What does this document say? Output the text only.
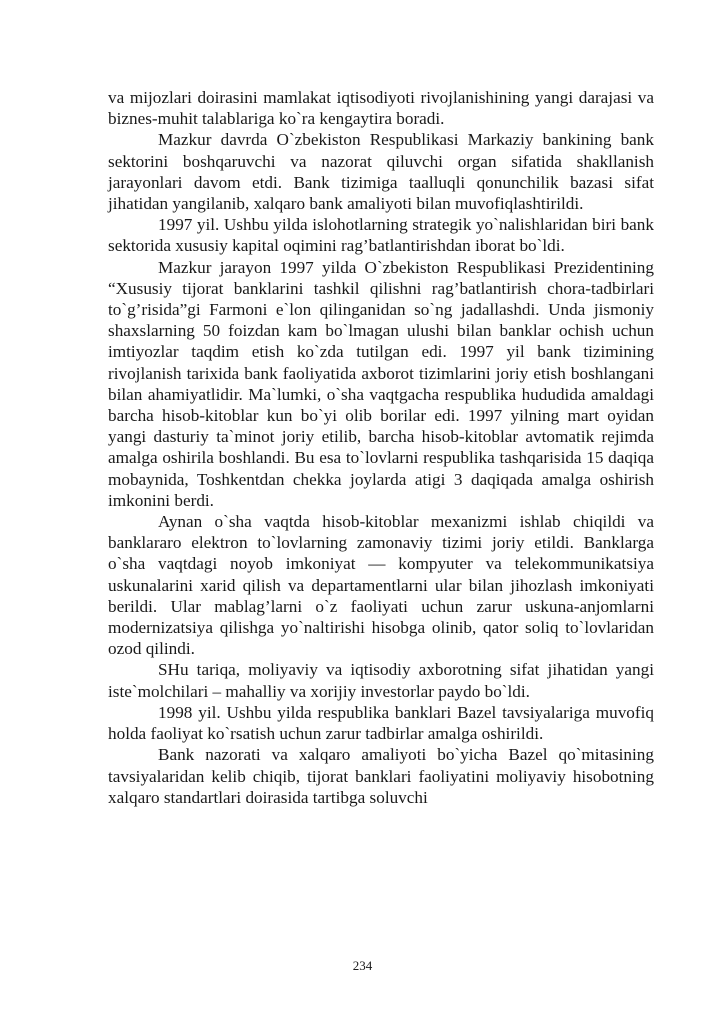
va mijozlari doirasini mamlakat iqtisodiyoti rivojlanishining yangi darajasi va biznes-muhit talablariga ko`ra kengaytira boradi.

Mazkur davrda O`zbekiston Respublikasi Markaziy bankining bank sektorini boshqaruvchi va nazorat qiluvchi organ sifatida shakllanish jarayonlari davom etdi. Bank tizimiga taalluqli qonunchilik bazasi sifat jihatidan yangilanib, xalqaro bank amaliyoti bilan muvofiqlashtirildi.

1997 yil. Ushbu yilda islohotlarning strategik yo`nalishlaridan biri bank sektorida xususiy kapital oqimini rag’batlantirishdan iborat bo`ldi.

Mazkur jarayon 1997 yilda O`zbekiston Respublikasi Prezidentining “Xususiy tijorat banklarini tashkil qilishni rag’batlantirish chora-tadbirlari to`g’risida”gi Farmoni e`lon qilinganidan so`ng jadallashdi. Unda jismoniy shaxslarning 50 foizdan kam bo`lmagan ulushi bilan banklar ochish uchun imtiyozlar taqdim etish ko`zda tutilgan edi. 1997 yil bank tizimining rivojlanish tarixida bank faoliyatida axborot tizimlarini joriy etish boshlangani bilan ahamiyatlidir. Ma`lumki, o`sha vaqtgacha respublika hududida amaldagi barcha hisob-kitoblar kun bo`yi olib borilar edi. 1997 yilning mart oyidan yangi dasturiy ta`minot joriy etilib, barcha hisob-kitoblar avtomatik rejimda amalga oshirila boshlandi. Bu esa to`lovlarni respublika tashqarisida 15 daqiqa mobaynida, Toshkentdan chekka joylarda atigi 3 daqiqada amalga oshirish imkonini berdi.

Aynan o`sha vaqtda hisob-kitoblar mexanizmi ishlab chiqildi va banklararo elektron to`lovlarning zamonaviy tizimi joriy etildi. Banklarga o`sha vaqtdagi noyob imkoniyat — kompyuter va telekommunikatsiya uskunalarini xarid qilish va departamentlarni ular bilan jihozlash imkoniyati berildi. Ular mablag’larni o`z faoliyati uchun zarur uskuna-anjomlarni modernizatsiya qilishga yo`naltirishi hisobga olinib, qator soliq to`lovlaridan ozod qilindi.

SHu tariqa, moliyaviy va iqtisodiy axborotning sifat jihatidan yangi iste`molchilari – mahalliy va xorijiy investorlar paydo bo`ldi.

1998 yil. Ushbu yilda respublika banklari Bazel tavsiyalariga muvofiq holda faoliyat ko`rsatish uchun zarur tadbirlar amalga oshirildi.

Bank nazorati va xalqaro amaliyoti bo`yicha Bazel qo`mitasining tavsiyalaridan kelib chiqib, tijorat banklari faoliyatini moliyaviy hisobotning xalqaro standartlari doirasida tartibga soluvchi

234
